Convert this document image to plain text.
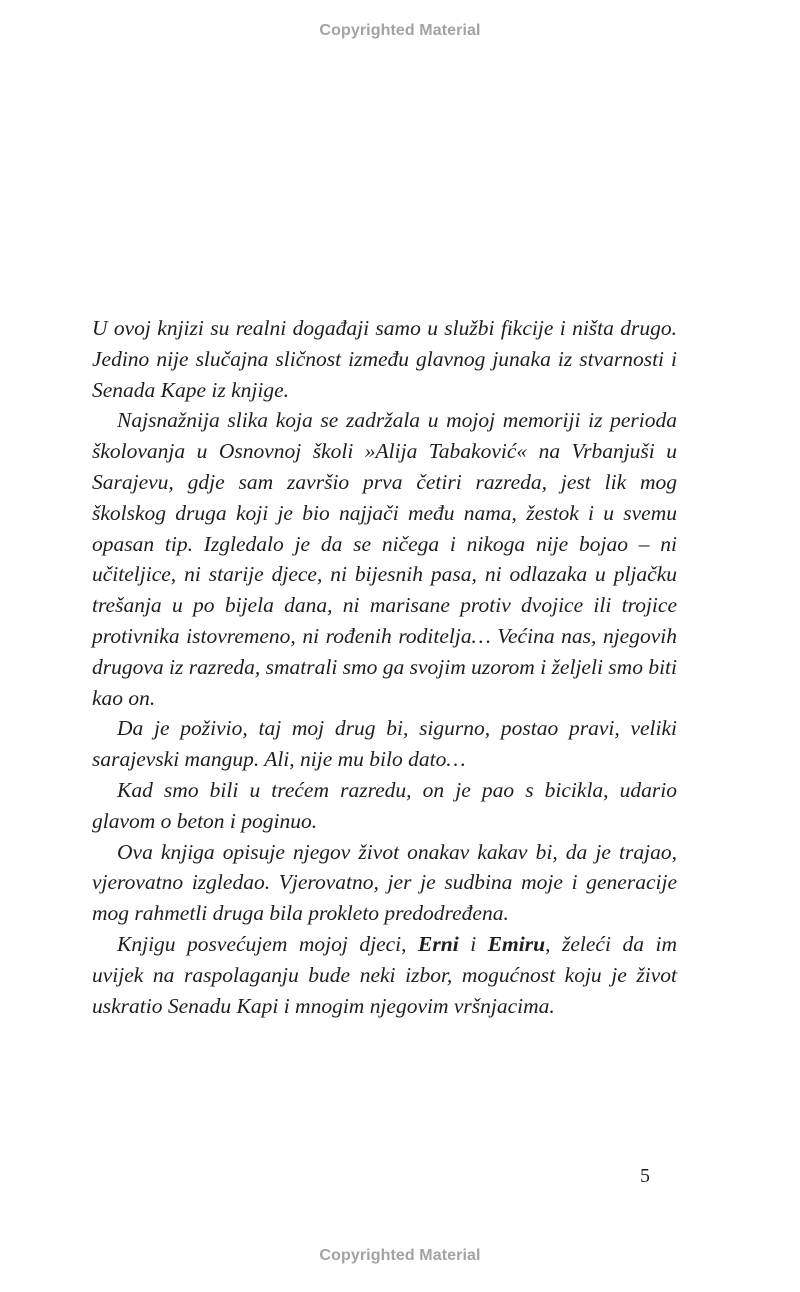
Copyrighted Material

U ovoj knjizi su realni događaji samo u službi fikcije i ništa drugo. Jedino nije slučajna sličnost između glavnog junaka iz stvarnosti i Senada Kape iz knjige.

Najsnažnija slika koja se zadržala u mojoj memoriji iz perioda školovanja u Osnovnoj školi »Alija Tabaković« na Vrbanjuši u Sarajevu, gdje sam završio prva četiri razreda, jest lik mog školskog druga koji je bio najjači među nama, žestok i u svemu opasan tip. Izgledalo je da se ničega i nikoga nije bojao – ni učiteljice, ni starije djece, ni bijesnih pasa, ni odlazaka u pljačku trešanja u po bijela dana, ni marisane protiv dvojice ili trojice protivnika istovremeno, ni rođenih roditelja… Većina nas, njegovih drugova iz razreda, smatrali smo ga svojim uzorom i željeli smo biti kao on.

Da je poživio, taj moj drug bi, sigurno, postao pravi, veliki sarajevski mangup. Ali, nije mu bilo dato…

Kad smo bili u trećem razredu, on je pao s bicikla, udario glavom o beton i poginuo.

Ova knjiga opisuje njegov život onakav kakav bi, da je trajao, vjerovatno izgledao. Vjerovatno, jer je sudbina moje i generacije mog rahmetli druga bila prokleto predodređena.

Knjigu posvećujem mojoj djeci, Erni i Emiru, želeći da im uvijek na raspolaganju bude neki izbor, mogućnost koju je život uskratio Senadu Kapi i mnogim njegovim vršnjacima.

5
Copyrighted Material
